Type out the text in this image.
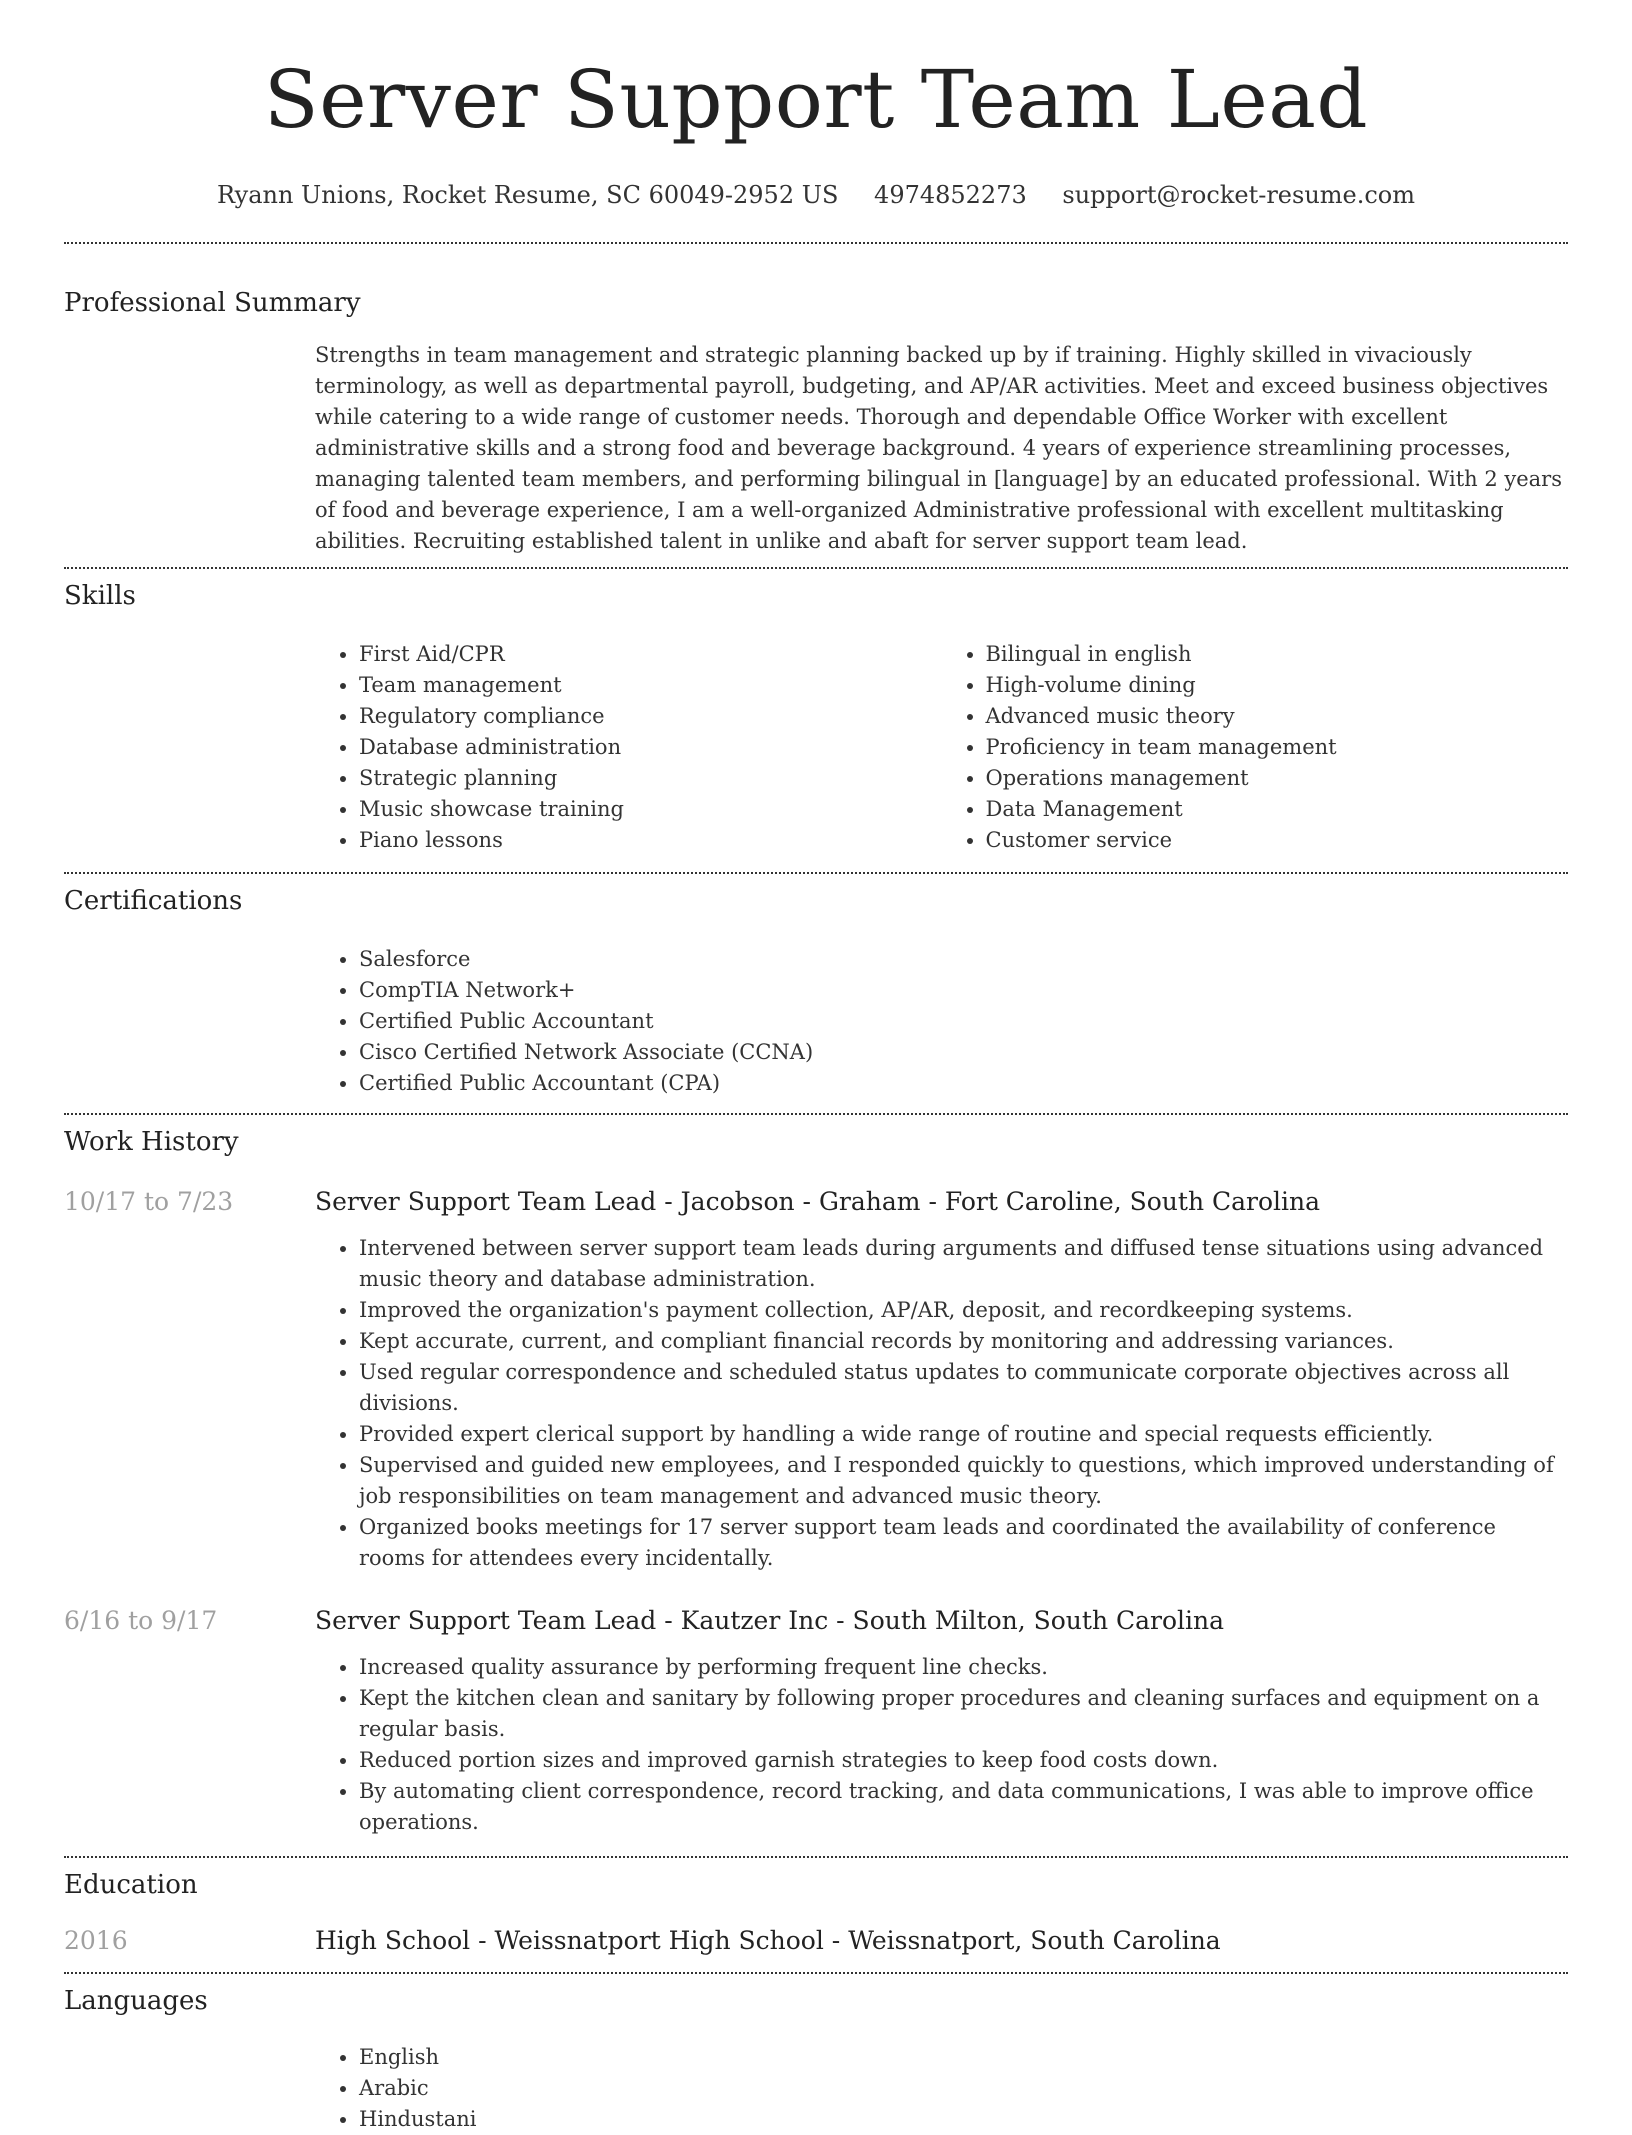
Server Support Team Lead
Ryann Unions, Rocket Resume, SC 60049-2952 US 4974852273 support@rocket-resume.com
Professional Summary
Strengths in team management and strategic planning backed up by if training. Highly skilled in vivaciously terminology, as well as departmental payroll, budgeting, and AP/AR activities. Meet and exceed business objectives while catering to a wide range of customer needs. Thorough and dependable Office Worker with excellent administrative skills and a strong food and beverage background. 4 years of experience streamlining processes, managing talented team members, and performing bilingual in [language] by an educated professional. With 2 years of food and beverage experience, I am a well-organized Administrative professional with excellent multitasking abilities. Recruiting established talent in unlike and abaft for server support team lead.
Skills
• First Aid/CPR
• Team management
• Regulatory compliance
• Database administration
• Strategic planning
• Music showcase training
• Piano lessons
• Bilingual in english
• High-volume dining
• Advanced music theory
• Proficiency in team management
• Operations management
• Data Management
• Customer service
Certifications
• Salesforce
• CompTIA Network+
• Certified Public Accountant
• Cisco Certified Network Associate (CCNA)
• Certified Public Accountant (CPA)
Work History
10/17 to 7/23	Server Support Team Lead - Jacobson - Graham - Fort Caroline, South Carolina
• Intervened between server support team leads during arguments and diffused tense situations using advanced music theory and database administration.
• Improved the organization's payment collection, AP/AR, deposit, and recordkeeping systems.
• Kept accurate, current, and compliant financial records by monitoring and addressing variances.
• Used regular correspondence and scheduled status updates to communicate corporate objectives across all divisions.
• Provided expert clerical support by handling a wide range of routine and special requests efficiently.
• Supervised and guided new employees, and I responded quickly to questions, which improved understanding of job responsibilities on team management and advanced music theory.
• Organized books meetings for 17 server support team leads and coordinated the availability of conference rooms for attendees every incidentally.
6/16 to 9/17	Server Support Team Lead - Kautzer Inc - South Milton, South Carolina
• Increased quality assurance by performing frequent line checks.
• Kept the kitchen clean and sanitary by following proper procedures and cleaning surfaces and equipment on a regular basis.
• Reduced portion sizes and improved garnish strategies to keep food costs down.
• By automating client correspondence, record tracking, and data communications, I was able to improve office operations.
Education
2016	High School - Weissnatport High School - Weissnatport, South Carolina
Languages
• English
• Arabic
• Hindustani
